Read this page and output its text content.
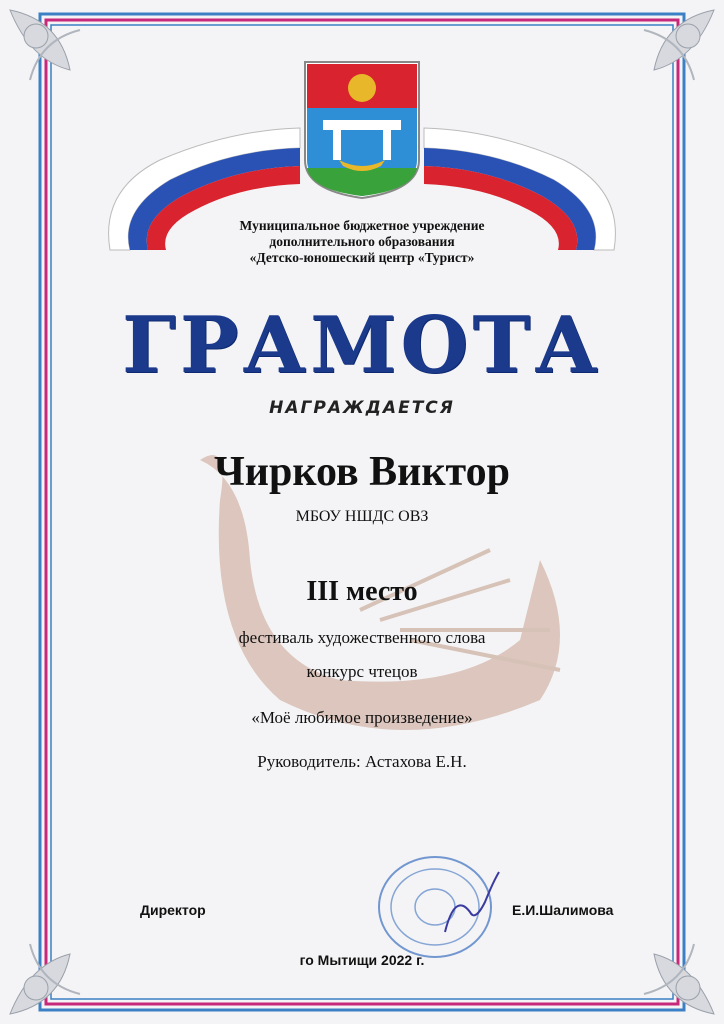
Муниципальное бюджетное учреждение
дополнительного образования
«Детско-юношеский центр «Турист»
ГРАМОТА
НАГРАЖДАЕТСЯ
Чирков Виктор
МБОУ НШДС ОВЗ
III место
фестиваль художественного слова
конкурс чтецов
«Моё любимое произведение»
Руководитель: Астахова Е.Н.
Директор	Е.И.Шалимова
го Мытищи 2022 г.
